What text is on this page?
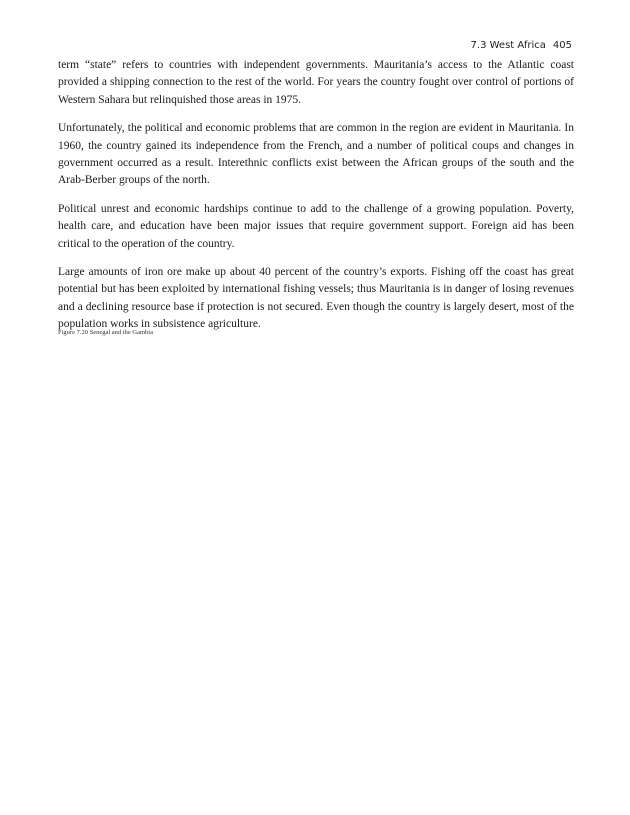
7.3 West Africa 405

term “state” refers to countries with independent governments. Mauritania’s access to the Atlantic coast provided a shipping connection to the rest of the world. For years the country fought over control of portions of Western Sahara but relinquished those areas in 1975.

Unfortunately, the political and economic problems that are common in the region are evident in Mauritania. In 1960, the country gained its independence from the French, and a number of political coups and changes in government occurred as a result. Interethnic conflicts exist between the African groups of the south and the Arab-Berber groups of the north.

Political unrest and economic hardships continue to add to the challenge of a growing population. Poverty, health care, and education have been major issues that require government support. Foreign aid has been critical to the operation of the country.

Large amounts of iron ore make up about 40 percent of the country’s exports. Fishing off the coast has great potential but has been exploited by international fishing vessels; thus Mauritania is in danger of losing revenues and a declining resource base if protection is not secured. Even though the country is largely desert, most of the population works in subsistence agriculture.

Figure 7.20 Senegal and the Gambia
